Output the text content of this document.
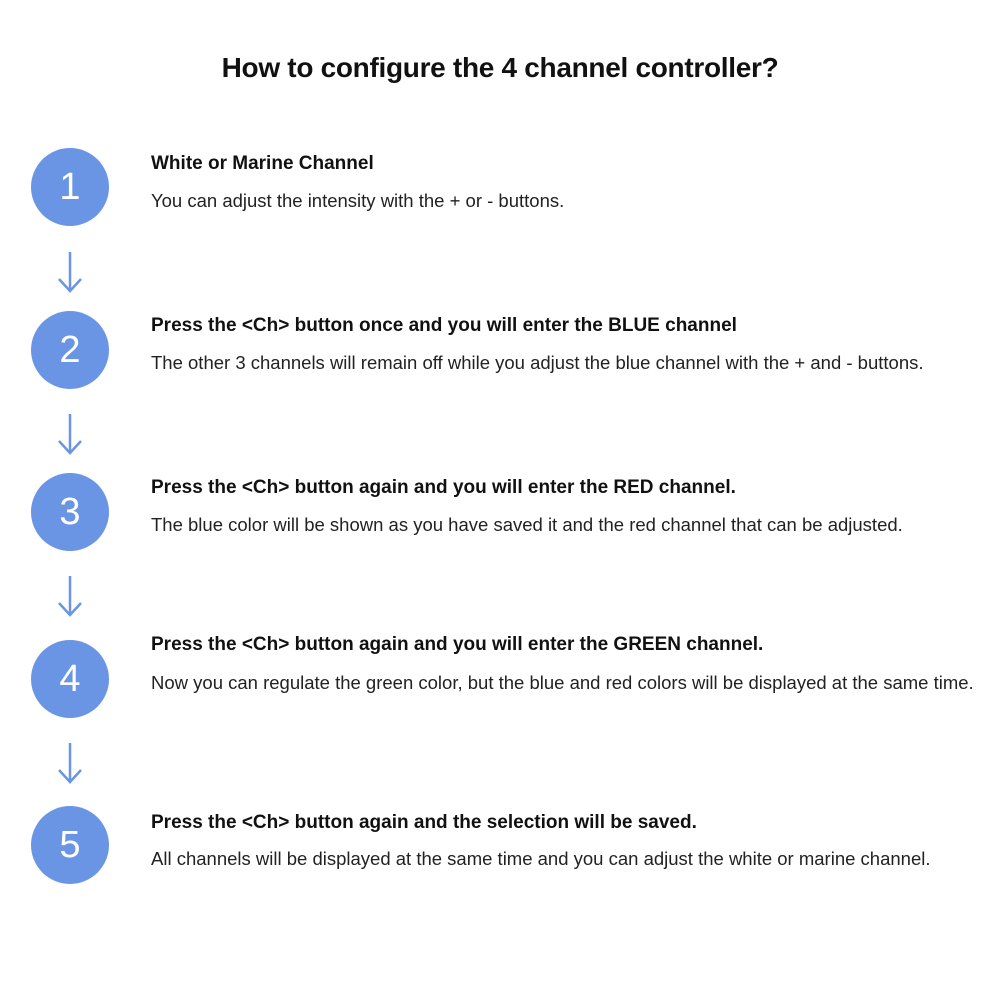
How to configure the 4 channel controller?
1
White or Marine Channel
You can adjust the intensity with the + or - buttons.
2
Press the <Ch> button once and you will enter the BLUE channel
The other 3 channels will remain off while you adjust the blue channel with the + and - buttons.
3
Press the <Ch> button again and you will enter the RED channel.
The blue color will be shown as you have saved it and the red channel that can be adjusted.
4
Press the <Ch> button again and you will enter the GREEN channel.
Now you can regulate the green color, but the blue and red colors will be displayed at the same time.
5
Press the <Ch> button again and the selection will be saved.
All channels will be displayed at the same time and you can adjust the white or marine channel.
